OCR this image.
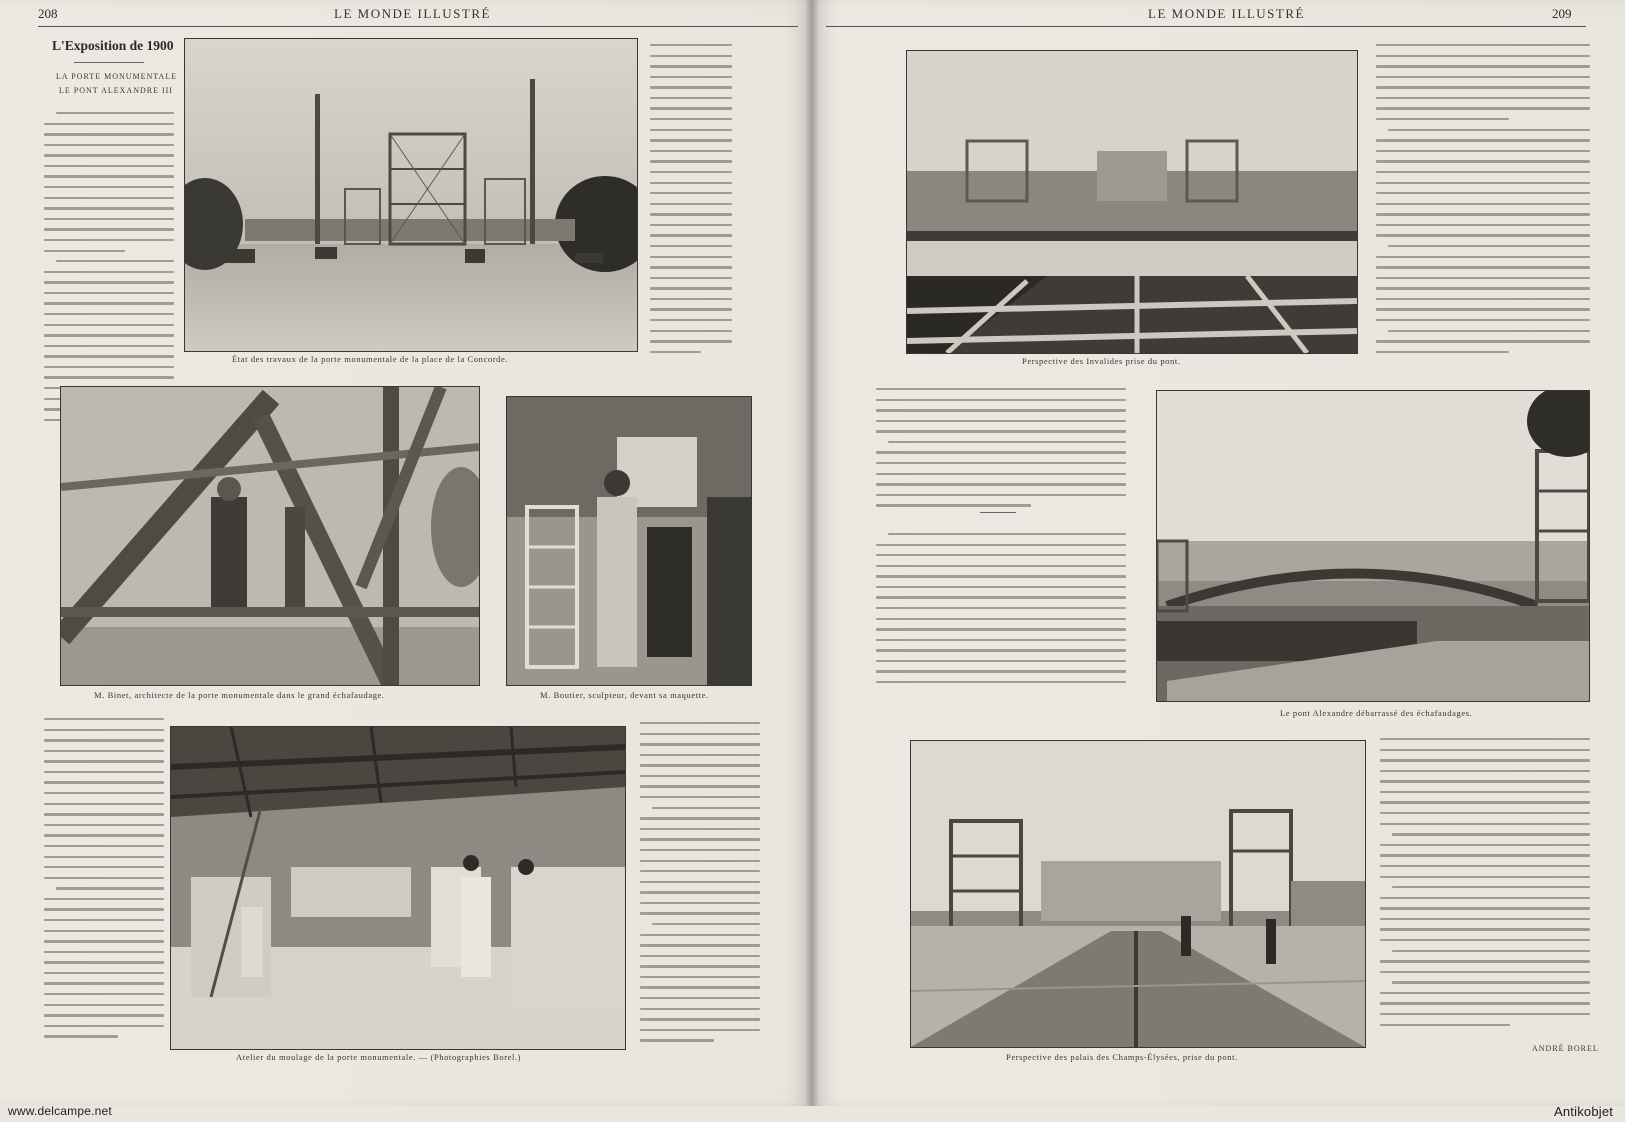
208	LE MONDE ILLUSTRÉ	LE MONDE ILLUSTRÉ	209
L'Exposition de 1900
LA PORTE MONUMENTALE
LE PONT ALEXANDRE III
État des travaux de la porte monumentale de la place de la Concorde.
M. Binet, architecte de la porte monumentale dans le grand échafaudage.	M. Boutier, sculpteur, devant sa maquette.
Atelier du moulage de la porte monumentale. — (Photographies Borel.)
Perspective des Invalides prise du pont.
Le pont Alexandre débarrassé des échafaudages.
Perspective des palais des Champs-Élysées, prise du pont.
ANDRÉ BOREL
www.delcampe.net	Antikobjet
